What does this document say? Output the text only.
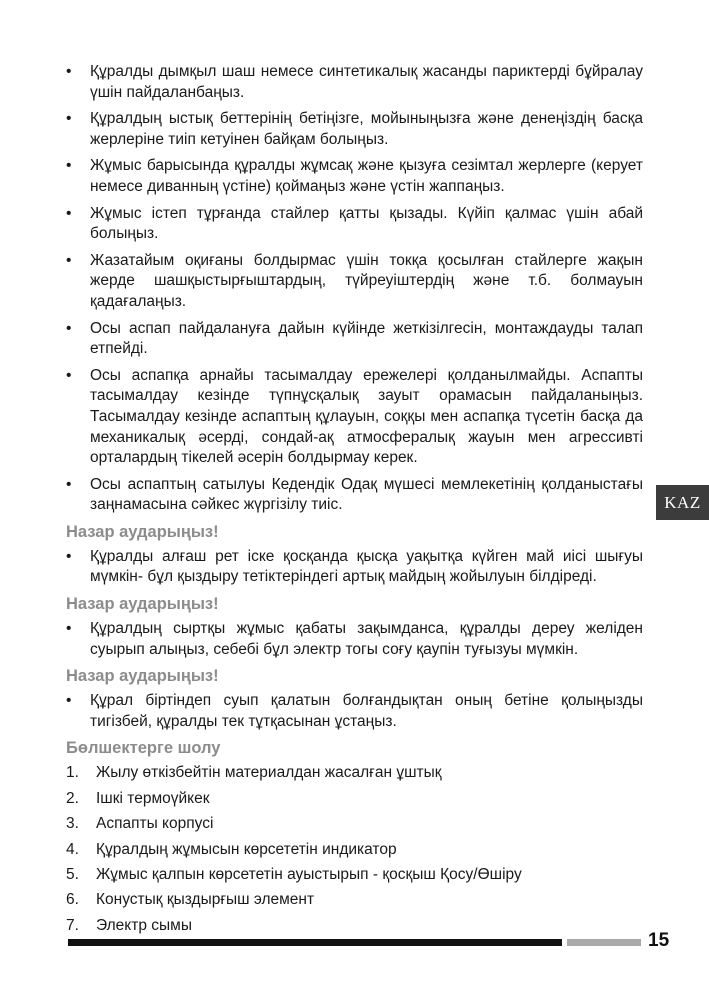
•	Құралды дымқыл шаш немесе синтетикалық жасанды париктерді бұйралау үшін пайдаланбаңыз.
•	Құралдың ыстық беттерінің бетіңізге, мойыныңызға және денеңіздің басқа жерлеріне тиіп кетуінен байқам болыңыз.
•	Жұмыс барысында құралды жұмсақ және қызуға сезімтал жерлерге (керует немесе диванның үстіне) қоймаңыз және үстін жаппаңыз.
•	Жұмыс істеп тұрғанда стайлер қатты қызады. Күйіп қалмас үшін абай болыңыз.
•	Жазатайым оқиғаны болдырмас үшін токқа қосылған стайлерге жақын жерде шашқыстырғыштардың, түйреуіштердің және т.б. болмауын қадағалаңыз.
•	Осы аспап пайдалануға дайын күйінде жеткізілгесін, монтаждауды талап етпейді.
•	Осы аспапқа арнайы тасымалдау ережелері қолданылмайды. Аспапты тасымалдау кезінде түпнұсқалық зауыт орамасын пайдаланыңыз. Тасымалдау кезінде аспаптың құлауын, соққы мен аспапқа түсетін басқа да механикалық әсерді, сондай-ақ атмосфералық жауын мен агрессивті орталардың тікелей әсерін болдырмау керек.
•	Осы аспаптың сатылуы Кедендік Одақ мүшесі мемлекетінің қолданыстағы заңнамасына сәйкес жүргізілу тиіс.
Назар аударыңыз!
•	Құралды алғаш рет іске қосқанда қысқа уақытқа күйген май иісі шығуы мүмкін- бұл қыздыру тетіктеріндегі артық майдың жойылуын білдіреді.
Назар аударыңыз!
•	Құралдың сыртқы жұмыс қабаты зақымданса, құралды дереу желіден суырып алыңыз, себебі бұл электр тогы соғу қаупін туғызуы мүмкін.
Назар аударыңыз!
•	Құрал біртіндеп суып қалатын болғандықтан оның бетіне қолыңызды тигізбей, құралды тек тұтқасынан ұстаңыз.
Бөлшектерге шолу
1.	Жылу өткізбейтін материалдан жасалған ұштық
2.	Ішкі термоүйкек
3.	Аспапты корпусі
4.	Құралдың жұмысын көрсететін индикатор
5.	Жұмыс қалпын көрсететін ауыстырып - қосқыш Қосу/Өшіру
6.	Конустық қыздырғыш элемент
7.	Электр сымы
KAZ
15
